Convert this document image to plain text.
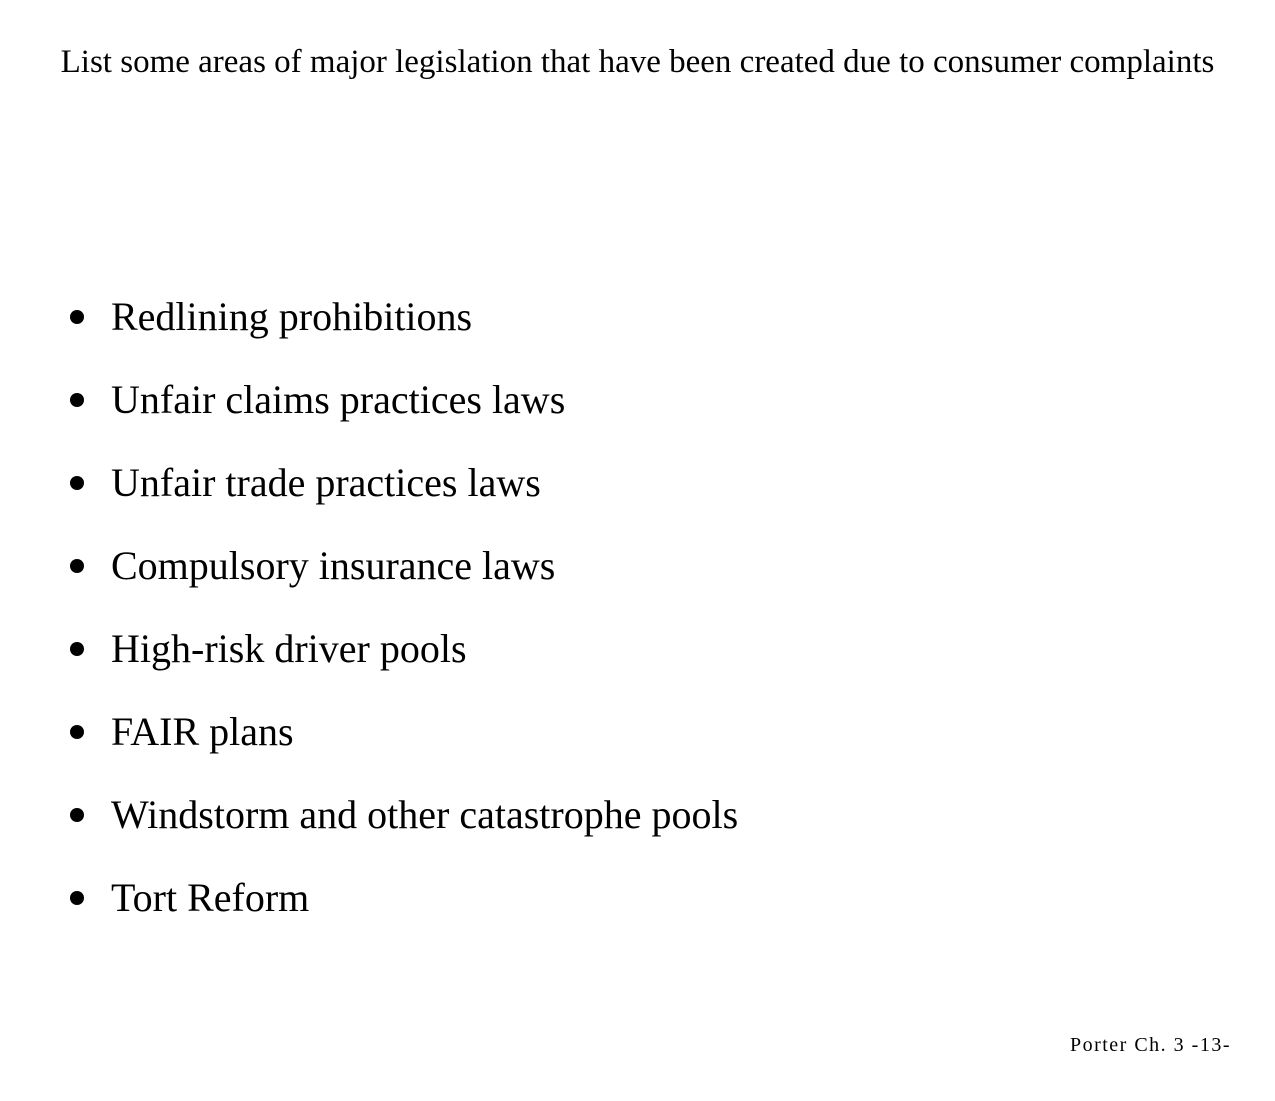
List some areas of major legislation that have been created due to consumer complaints
Redlining prohibitions
Unfair claims practices laws
Unfair trade practices laws
Compulsory insurance laws
High-risk driver pools
FAIR plans
Windstorm and other catastrophe pools
Tort Reform
Porter Ch. 3 -13-
